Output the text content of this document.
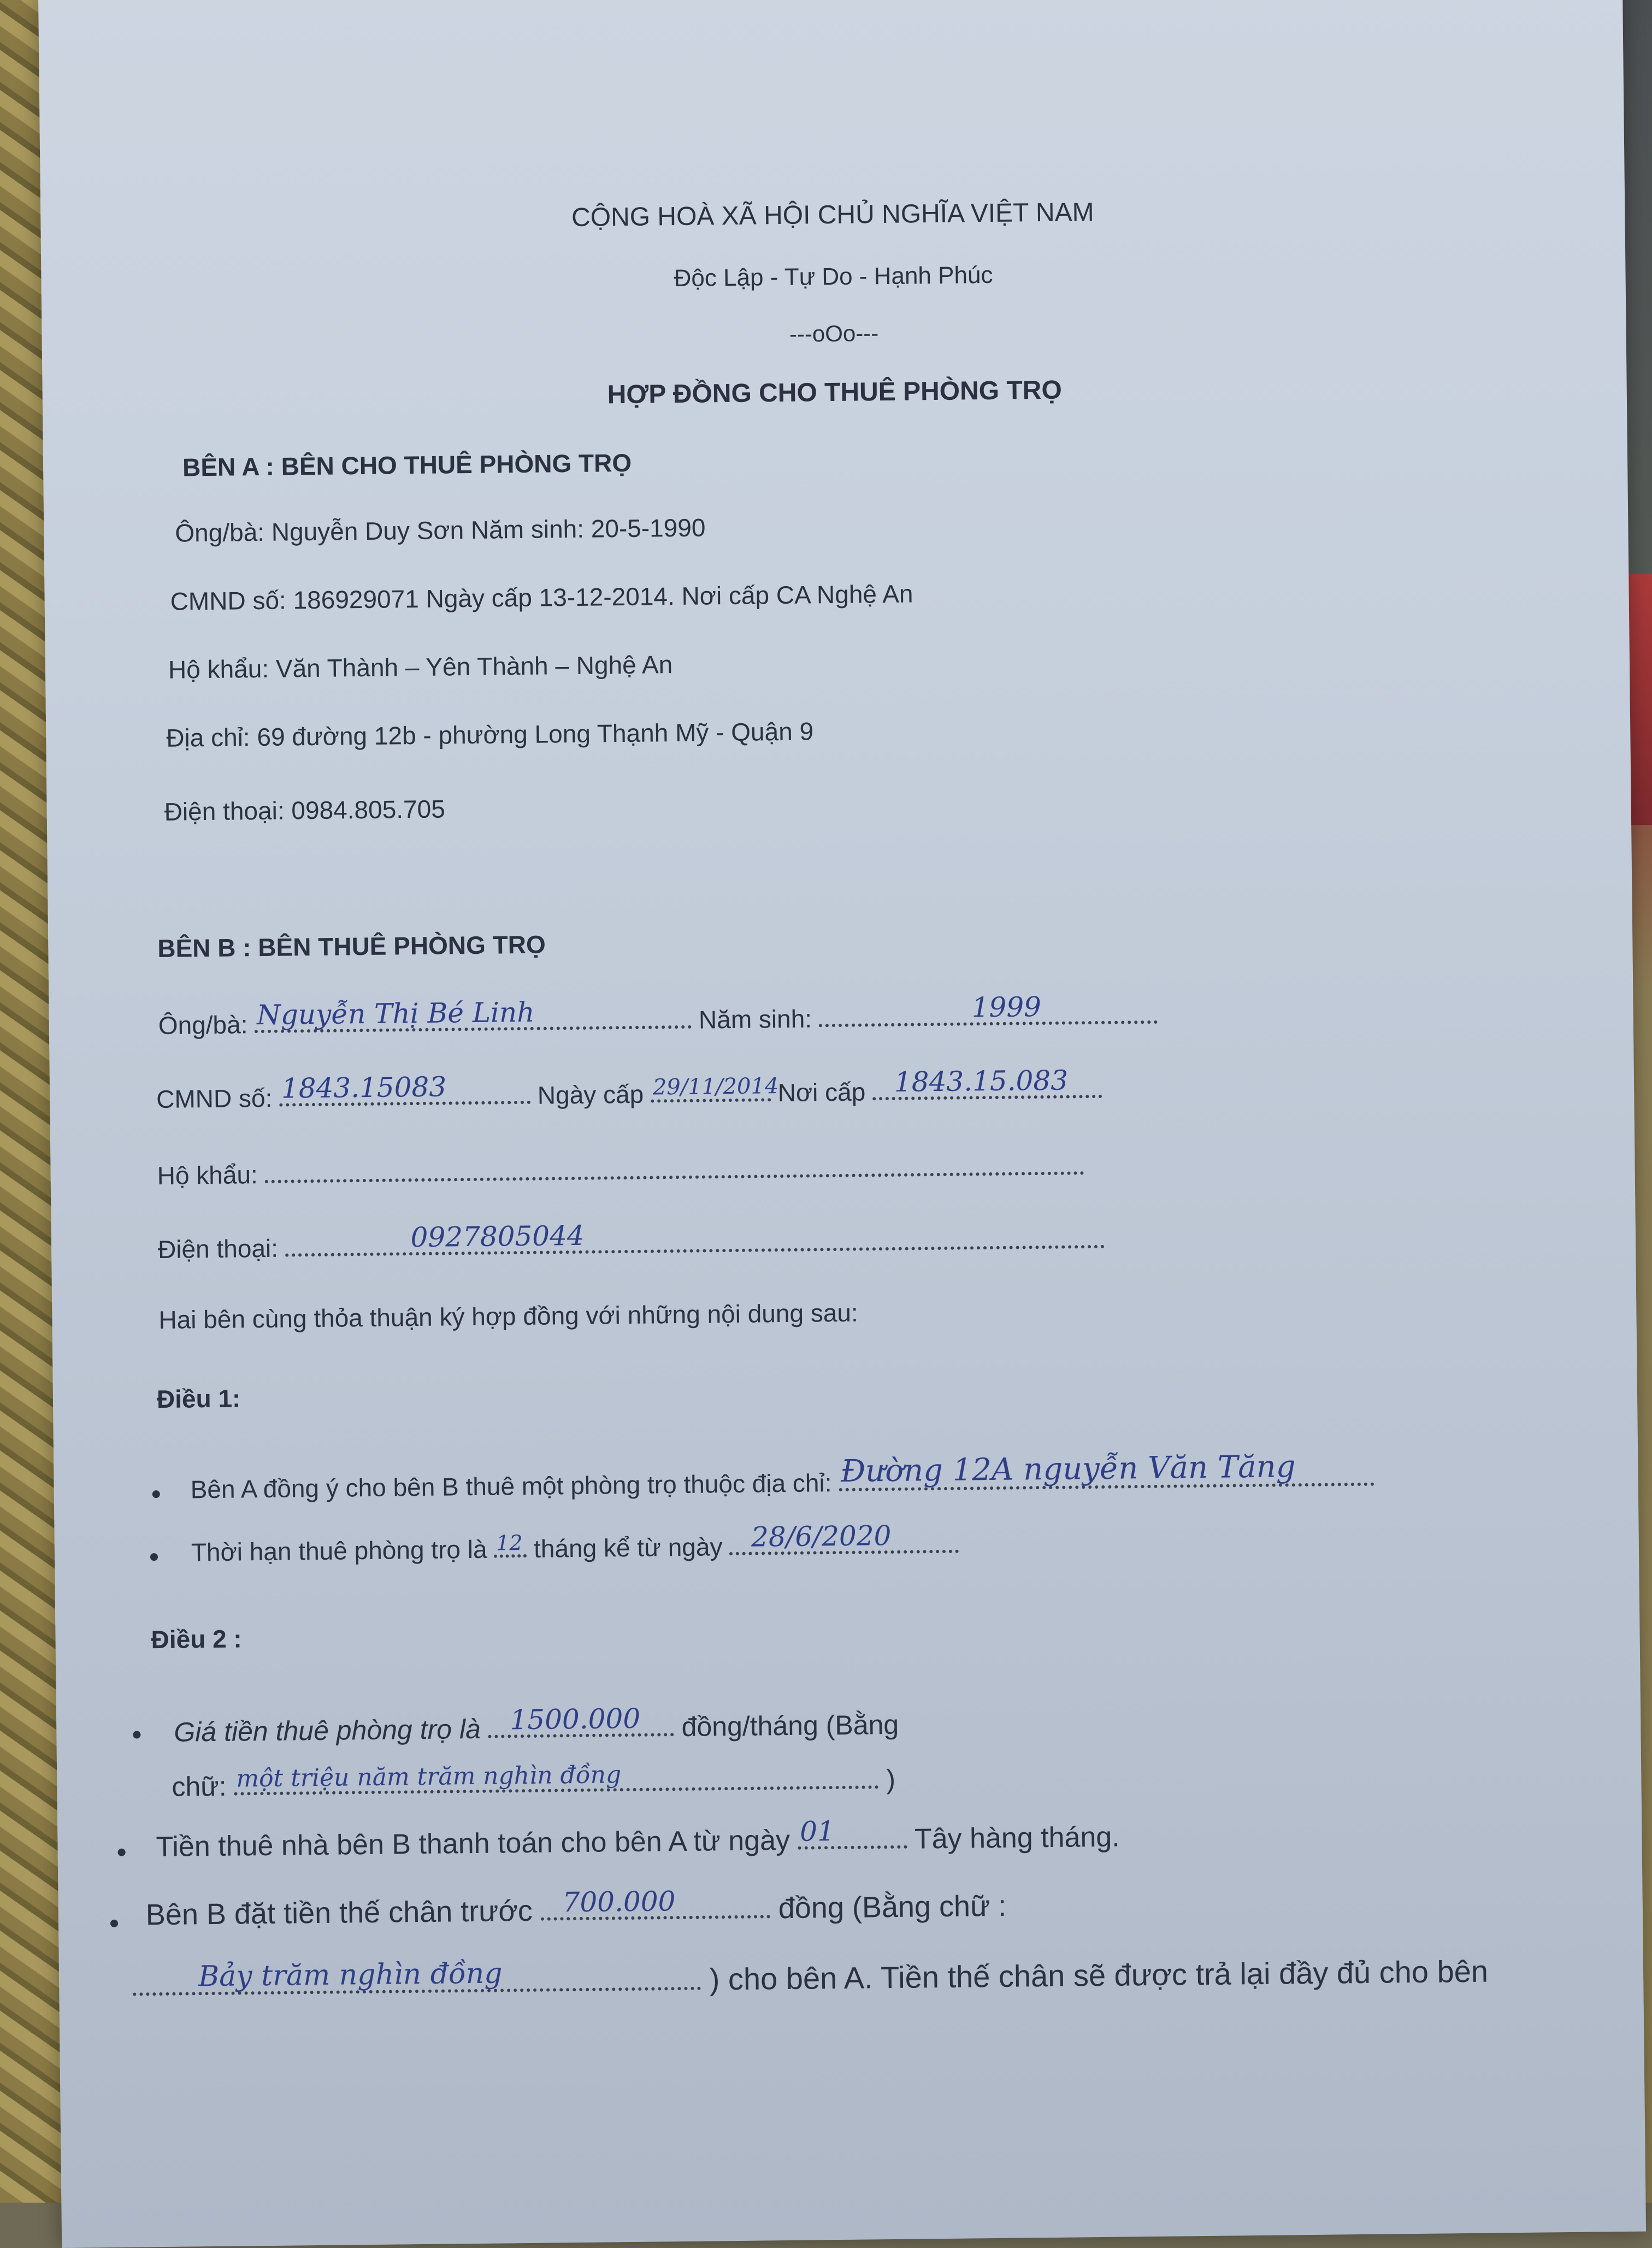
CỘNG HOÀ XÃ HỘI CHỦ NGHĨA VIỆT NAM
Độc Lập - Tự Do - Hạnh Phúc
---oOo---
HỢP ĐỒNG CHO THUÊ PHÒNG TRỌ
BÊN A : BÊN CHO THUÊ PHÒNG TRỌ
Ông/bà: Nguyễn Duy Sơn Năm sinh: 20-5-1990
CMND số: 186929071 Ngày cấp 13-12-2014. Nơi cấp CA Nghệ An
Hộ khẩu: Văn Thành – Yên Thành – Nghệ An
Địa chỉ: 69 đường 12b - phường Long Thạnh Mỹ - Quận 9
Điện thoại: 0984.805.705
BÊN B : BÊN THUÊ PHÒNG TRỌ
Ông/bà: Nguyễn Thị Bé Linh	Năm sinh:	1999
CMND số: 1843.15083	Ngày cấp 29/11/2014
Nơi cấp 1843.15.083
Hộ khẩu:
Điện thoại:	0927805044
Hai bên cùng thỏa thuận ký hợp đồng với những nội dung sau:
Điều 1:
Bên A đồng ý cho bên B thuê một phòng trọ thuộc địa chỉ: Đường 12A nguyễn Văn Tăng
Thời hạn thuê phòng trọ là 12 tháng kể từ ngày 28/6/2020
Điều 2 :
Giá tiền thuê phòng trọ là 1500.000 đồng/tháng (Bằng
chữ: một triệu năm trăm nghìn đồng	)
Tiền thuê nhà bên B thanh toán cho bên A từ ngày 01	Tây hàng tháng.
Bên B đặt tiền thế chân trước 700.000	đồng (Bằng chữ :
Bảy trăm nghìn đồng	) cho bên A. Tiền thế chân sẽ được trả lại đầy đủ cho bên
